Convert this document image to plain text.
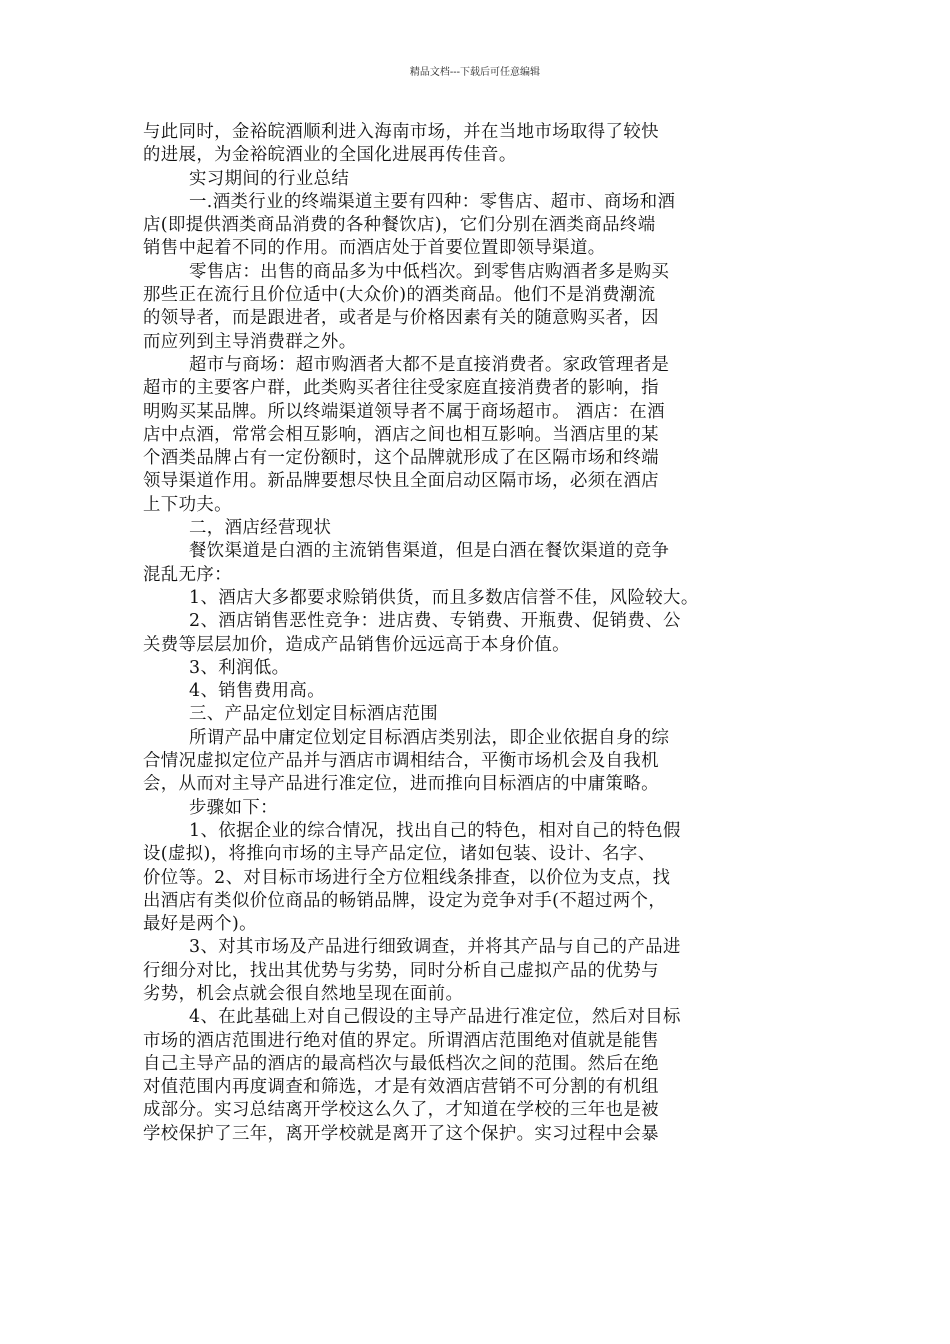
精品文档---下载后可任意编辑
与此同时，金裕皖酒顺利进入海南市场，并在当地市场取得了较快
的进展，为金裕皖酒业的全国化进展再传佳音。
实习期间的行业总结
一.酒类行业的终端渠道主要有四种：零售店、超市、商场和酒
店(即提供酒类商品消费的各种餐饮店)，它们分别在酒类商品终端
销售中起着不同的作用。而酒店处于首要位置即领导渠道。
零售店：出售的商品多为中低档次。到零售店购酒者多是购买
那些正在流行且价位适中(大众价)的酒类商品。他们不是消费潮流
的领导者，而是跟进者，或者是与价格因素有关的随意购买者，因
而应列到主导消费群之外。
超市与商场：超市购酒者大都不是直接消费者。家政管理者是
超市的主要客户群，此类购买者往往受家庭直接消费者的影响，指
明购买某品牌。所以终端渠道领导者不属于商场超市。 酒店：在酒
店中点酒，常常会相互影响，酒店之间也相互影响。当酒店里的某
个酒类品牌占有一定份额时，这个品牌就形成了在区隔市场和终端
领导渠道作用。新品牌要想尽快且全面启动区隔市场，必须在酒店
上下功夫。
二，酒店经营现状
餐饮渠道是白酒的主流销售渠道，但是白酒在餐饮渠道的竞争
混乱无序：
1、酒店大多都要求赊销供货，而且多数店信誉不佳，风险较大。
2、酒店销售恶性竞争：进店费、专销费、开瓶费、促销费、公
关费等层层加价，造成产品销售价远远高于本身价值。
3、利润低。
4、销售费用高。
三、产品定位划定目标酒店范围
所谓产品中庸定位划定目标酒店类别法，即企业依据自身的综
合情况虚拟定位产品并与酒店市调相结合，平衡市场机会及自我机
会，从而对主导产品进行准定位，进而推向目标酒店的中庸策略。
步骤如下：
1、依据企业的综合情况，找出自己的特色，相对自己的特色假
设(虚拟)，将推向市场的主导产品定位，诸如包装、设计、名字、
价位等。2、对目标市场进行全方位粗线条排查，以价位为支点，找
出酒店有类似价位商品的畅销品牌，设定为竞争对手(不超过两个，
最好是两个)。
3、对其市场及产品进行细致调查，并将其产品与自己的产品进
行细分对比，找出其优势与劣势，同时分析自己虚拟产品的优势与
劣势，机会点就会很自然地呈现在面前。
4、在此基础上对自己假设的主导产品进行准定位，然后对目标
市场的酒店范围进行绝对值的界定。所谓酒店范围绝对值就是能售
自己主导产品的酒店的最高档次与最低档次之间的范围。然后在绝
对值范围内再度调查和筛选，才是有效酒店营销不可分割的有机组
成部分。实习总结离开学校这么久了，才知道在学校的三年也是被
学校保护了三年，离开学校就是离开了这个保护。实习过程中会暴
